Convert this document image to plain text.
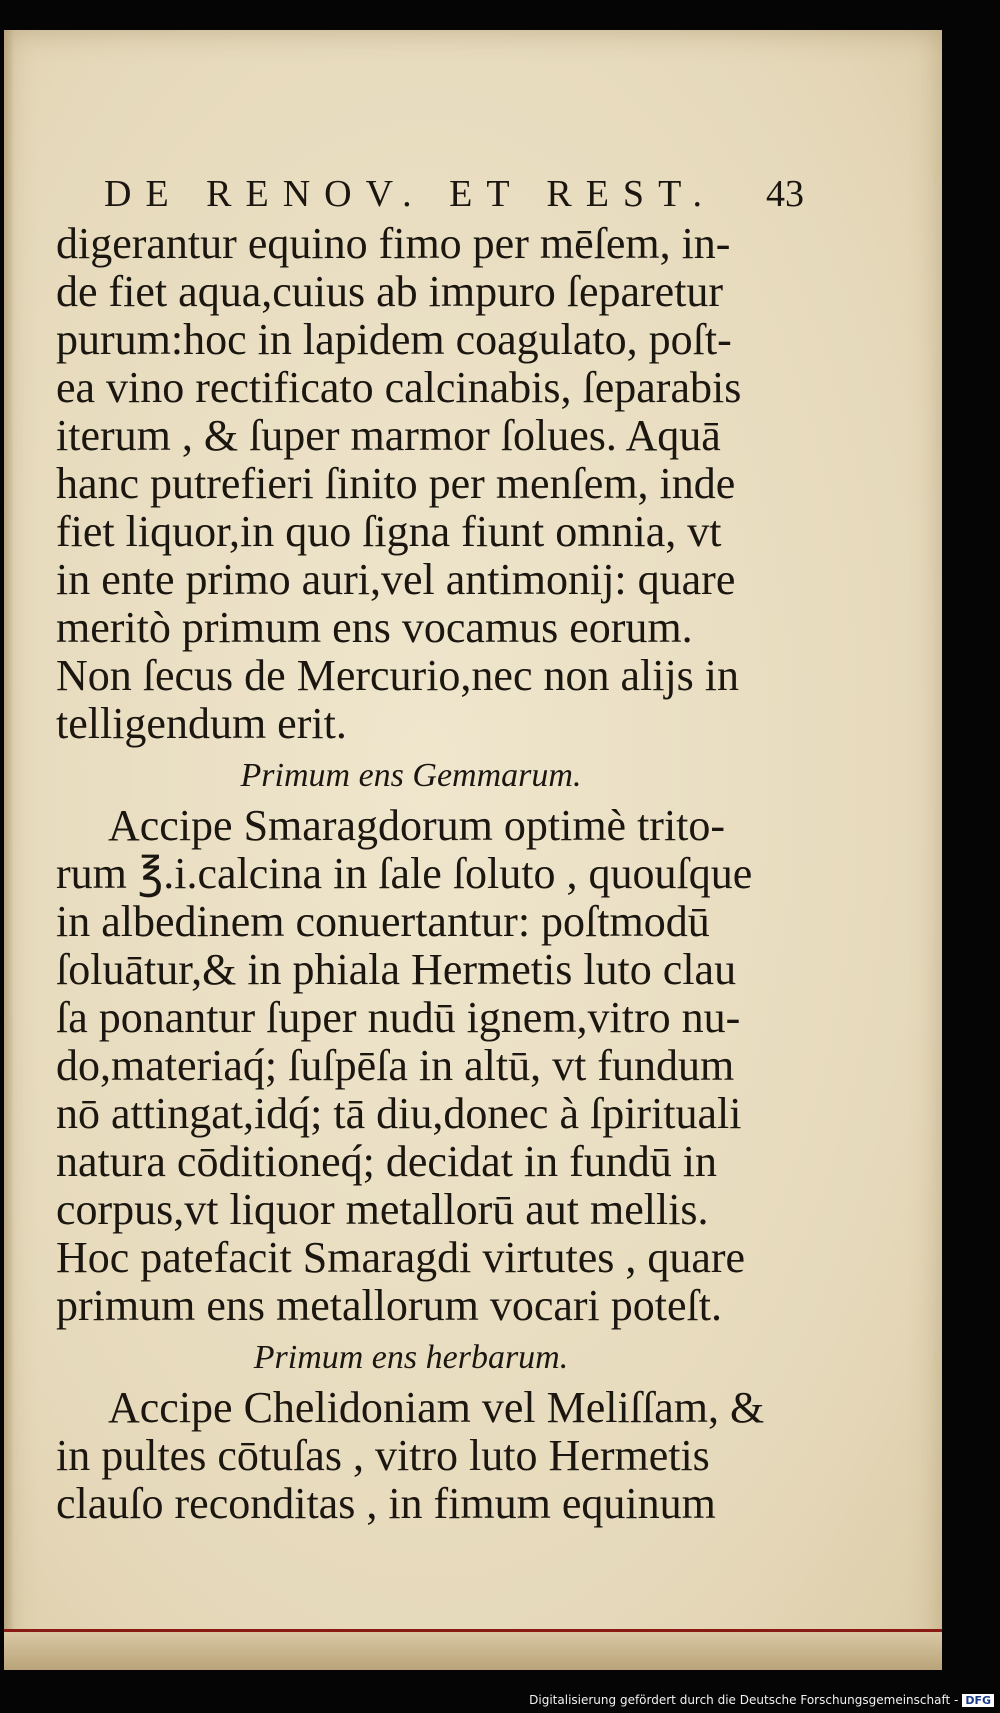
DE RENOV. ET REST. 43
digerantur equino fimo per mēſem, in-
de fiet aqua,cuius ab impuro ſeparetur
purum:hoc in lapidem coagulato, poſt-
ea vino rectificato calcinabis, ſeparabis
iterum , & ſuper marmor ſolues. Aquā
hanc putrefieri ſinito per menſem, inde
fiet liquor,in quo ſigna fiunt omnia, vt
in ente primo auri,vel antimonij: quare
meritò primum ens vocamus eorum.
Non ſecus de Mercurio,nec non alijs in
telligendum erit.
Primum ens Gemmarum.
Accipe Smaragdorum optimè trito-
rum ℥.i.calcina in ſale ſoluto , quouſque
in albedinem conuertantur: poſtmodū
ſoluātur,& in phiala Hermetis luto clau
ſa ponantur ſuper nudū ignem,vitro nu-
do,materiaq́; ſuſpēſa in altū, vt fundum
nō attingat,idq́; tā diu,donec à ſpirituali
natura cōditioneq́; decidat in fundū in
corpus,vt liquor metallorū aut mellis.
Hoc patefacit Smaragdi virtutes , quare
primum ens metallorum vocari poteſt.
Primum ens herbarum.
Accipe Chelidoniam vel Meliſſam, &
in pultes cōtuſas , vitro luto Hermetis
clauſo reconditas , in fimum equinum
Digitalisierung gefördert durch die Deutsche Forschungsgemeinschaft - DFG
